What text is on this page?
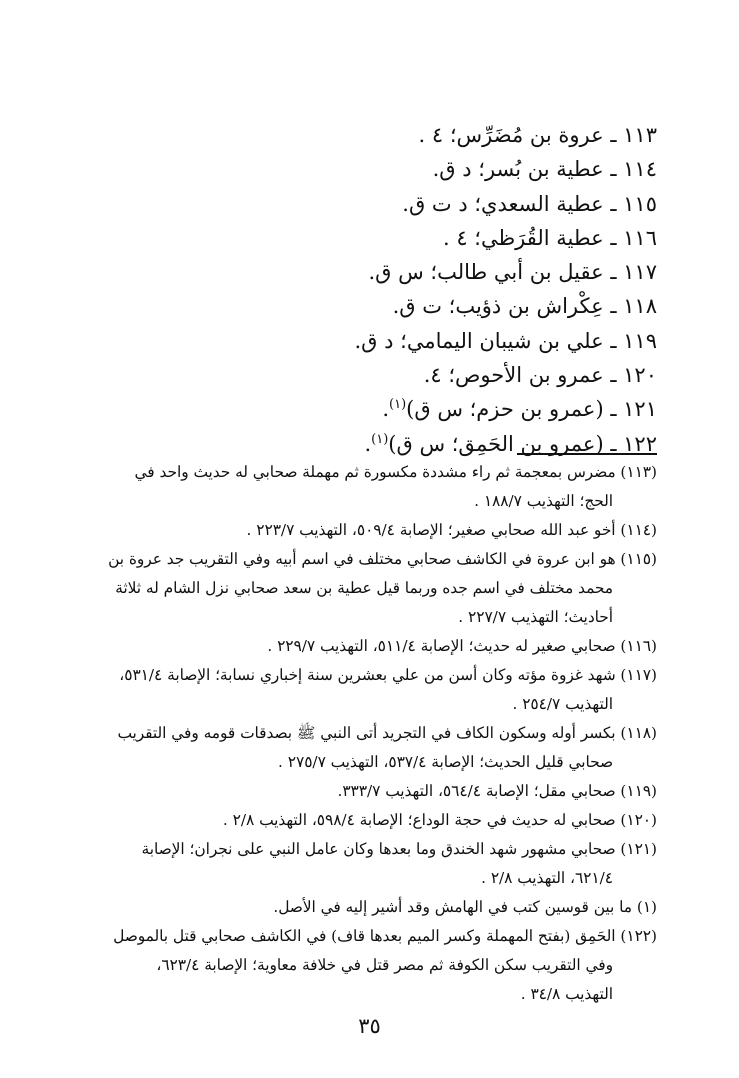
١١٣ ـ عروة بن مُضَرِّس؛ ٤ .
١١٤ ـ عطية بن بُسر؛ د ق.
١١٥ ـ عطية السعدي؛ د ت ق.
١١٦ ـ عطية القُرَظي؛ ٤ .
١١٧ ـ عقيل بن أبي طالب؛ س ق.
١١٨ ـ عِكْراش بن ذؤيب؛ ت ق.
١١٩ ـ علي بن شيبان اليمامي؛ د ق.
١٢٠ ـ عمرو بن الأحوص؛ ٤.
١٢١ ـ (عمرو بن حزم؛ س ق)$^{(١)}$.
١٢٢ ـ (عمرو بن الحَمِق؛ س ق)$^{(١)}$.

(١١٣) مضرس بمعجمة ثم راء مشددة مكسورة ثم مهملة صحابي له حديث واحد في
الحج؛ التهذيب ١٨٨/٧ .

(١١٤) أخو عبد الله صحابي صغير؛ الإصابة ٥٠٩/٤، التهذيب ٢٢٣/٧ .

(١١٥) هو ابن عروة في الكاشف صحابي مختلف في اسم أبيه وفي التقريب جد عروة بن
محمد مختلف في اسم جده وربما قيل عطية بن سعد صحابي نزل الشام له ثلاثة
أحاديث؛ التهذيب ٢٢٧/٧ .

(١١٦) صحابي صغير له حديث؛ الإصابة ٥١١/٤، التهذيب ٢٢٩/٧ .

(١١٧) شهد غزوة مؤته وكان أسن من علي بعشرين سنة إخباري نسابة؛ الإصابة ٥٣١/٤،
التهذيب ٢٥٤/٧ .

(١١٨) بكسر أوله وسكون الكاف في التجريد أتى النبي ﷺ بصدقات قومه وفي التقريب
صحابي قليل الحديث؛ الإصابة ٥٣٧/٤، التهذيب ٢٧٥/٧ .

(١١٩) صحابي مقل؛ الإصابة ٥٦٤/٤، التهذيب ٣٣٣/٧.

(١٢٠) صحابي له حديث في حجة الوداع؛ الإصابة ٥٩٨/٤، التهذيب ٢/٨ .

(١٢١) صحابي مشهور شهد الخندق وما بعدها وكان عامل النبي على نجران؛ الإصابة
٦٢١/٤، التهذيب ٢/٨ .

(١) ما بين قوسين كتب في الهامش وقد أشير إليه في الأصل.

(١٢٢) الحَمِق (بفتح المهملة وكسر الميم بعدها قاف) في الكاشف صحابي قتل بالموصل
وفي التقريب سكن الكوفة ثم مصر قتل في خلافة معاوية؛ الإصابة ٦٢٣/٤،
التهذيب ٣٤/٨ .

٣٥
